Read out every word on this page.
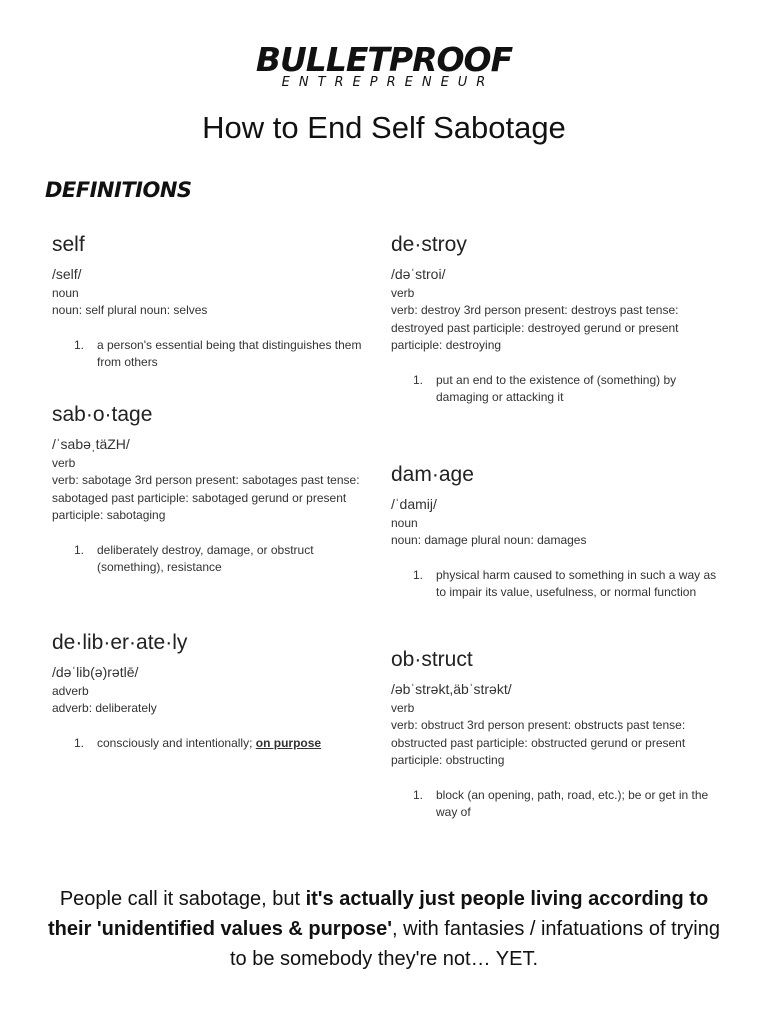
BULLETPROOF
ENTREPRENEUR
How to End Self Sabotage
DEFINITIONS
self
/self/
noun
noun: self plural noun: selves
1. a person's essential being that distinguishes them from others
sab·o·tage
/ˈsabəˌtäZH/
verb
verb: sabotage 3rd person present: sabotages past tense: sabotaged past participle: sabotaged gerund or present participle: sabotaging
1. deliberately destroy, damage, or obstruct (something), resistance
de·lib·er·ate·ly
/dəˈlib(ə)rətlē/
adverb
adverb: deliberately
1. consciously and intentionally; on purpose
de·stroy
/dəˈstroi/
verb
verb: destroy 3rd person present: destroys past tense: destroyed past participle: destroyed gerund or present participle: destroying
1. put an end to the existence of (something) by damaging or attacking it
dam·age
/ˈdamij/
noun
noun: damage plural noun: damages
1. physical harm caused to something in such a way as to impair its value, usefulness, or normal function
ob·struct
/əbˈstrəkt,äbˈstrəkt/
verb
verb: obstruct 3rd person present: obstructs past tense: obstructed past participle: obstructed gerund or present participle: obstructing
1. block (an opening, path, road, etc.); be or get in the way of
People call it sabotage, but it's actually just people living according to their 'unidentified values & purpose', with fantasies / infatuations of trying to be somebody they're not… YET.
